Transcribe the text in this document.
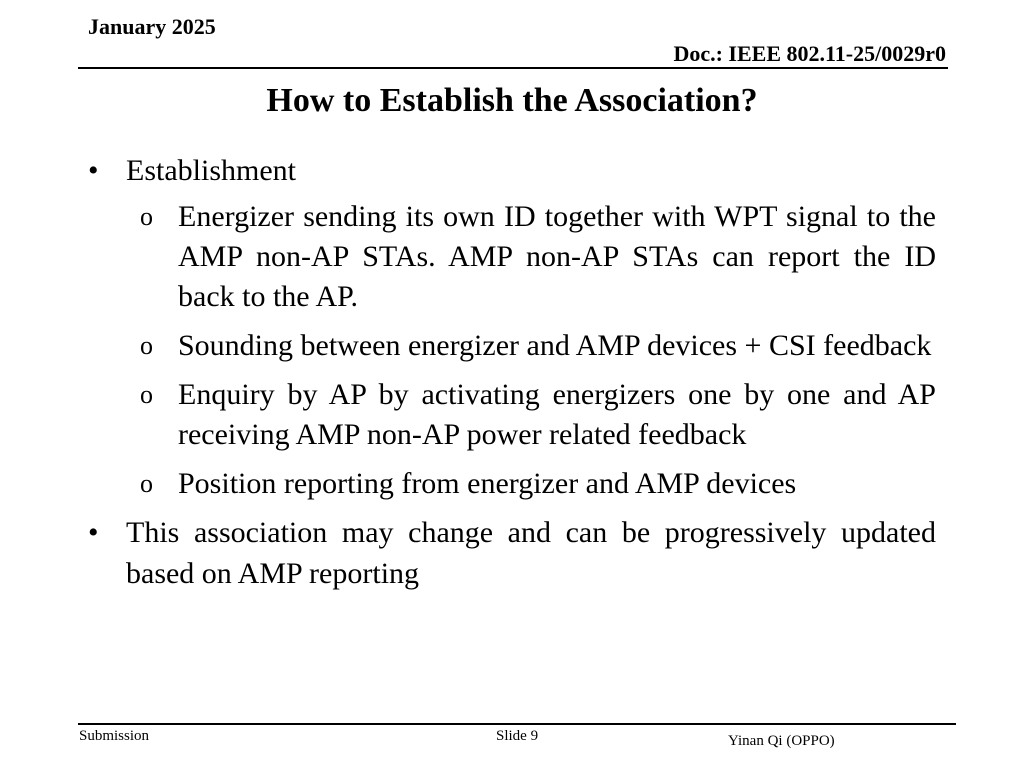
January 2025
Doc.: IEEE 802.11-25/0029r0
How to Establish the Association?
• Establishment
o Energizer sending its own ID together with WPT signal to the AMP non-AP STAs. AMP non-AP STAs can report the ID back to the AP.
o Sounding between energizer and AMP devices + CSI feedback
o Enquiry by AP by activating energizers one by one and AP receiving AMP non-AP power related feedback
o Position reporting from energizer and AMP devices
• This association may change and can be progressively updated based on AMP reporting
Submission	Slide 9	Yinan Qi (OPPO)
